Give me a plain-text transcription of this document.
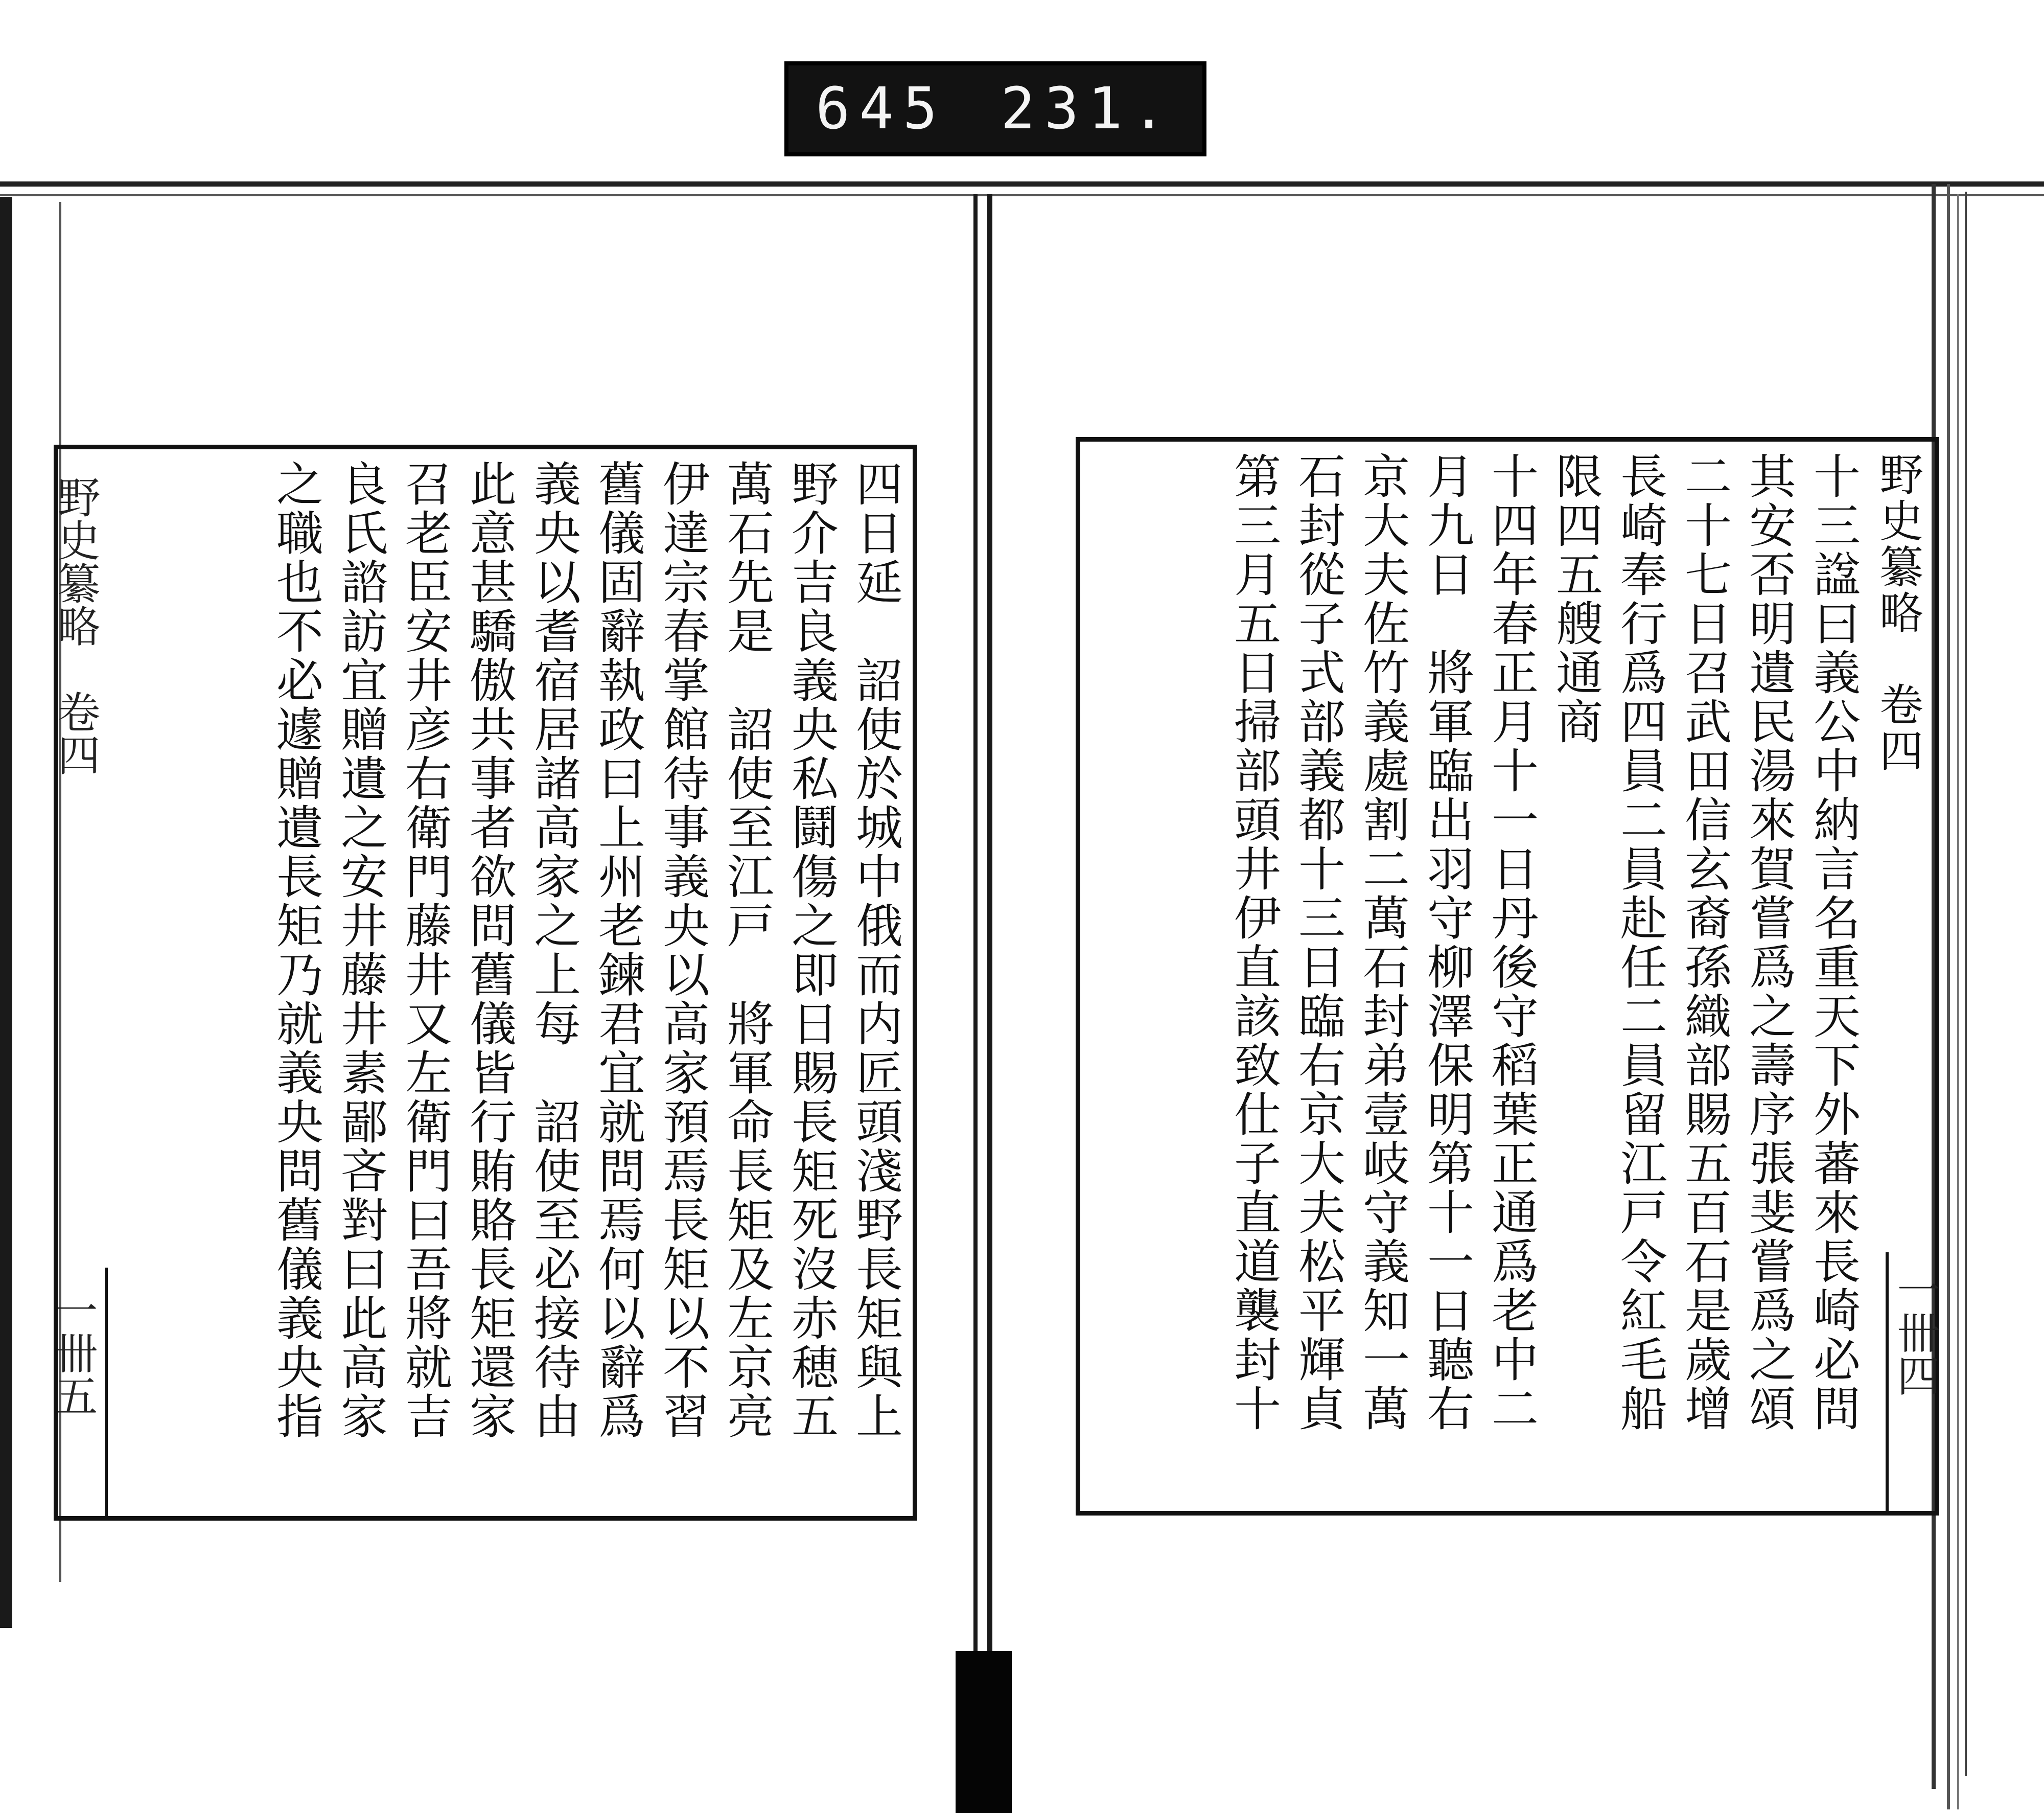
645 231.
野史纂略　卷四
一卌五	四日延　詔使於城中俄而内匠頭淺野長矩與上
野介吉良義央私鬪傷之即日賜長矩死沒赤穂五
萬石先是　詔使至江戸　將軍命長矩及左京亮
伊達宗春掌館待事義央以高家預焉長矩以不習
舊儀固辭執政曰上州老鍊君宜就問焉何以辭爲
義央以耆宿居諸高家之上每　詔使至必接待由
此意甚驕傲共事者欲問舊儀皆行賄賂長矩還家
召老臣安井彦右衛門藤井又左衛門曰吾將就吉
良氏諮訪宜贈遺之安井藤井素鄙吝對曰此高家
之職也不必遽贈遺長矩乃就義央問舊儀義央指	野史纂略　卷四
十三諡曰義公中納言名重天下外蕃來長崎必問
其安否明遺民湯來賀嘗爲之壽序張斐嘗爲之頌
二十七日召武田信玄裔孫織部賜五百石是歲增
長崎奉行爲四員二員赴任二員留江戸令紅毛船
限四五艘通商
十四年春正月十一日丹後守稻葉正通爲老中二
月九日　將軍臨出羽守柳澤保明第十一日聽右
京大夫佐竹義處割二萬石封弟壹岐守義知一萬
石封從子式部義都十三日臨右京大夫松平輝貞
第三月五日掃部頭井伊直該致仕子直道襲封十	一卌四
